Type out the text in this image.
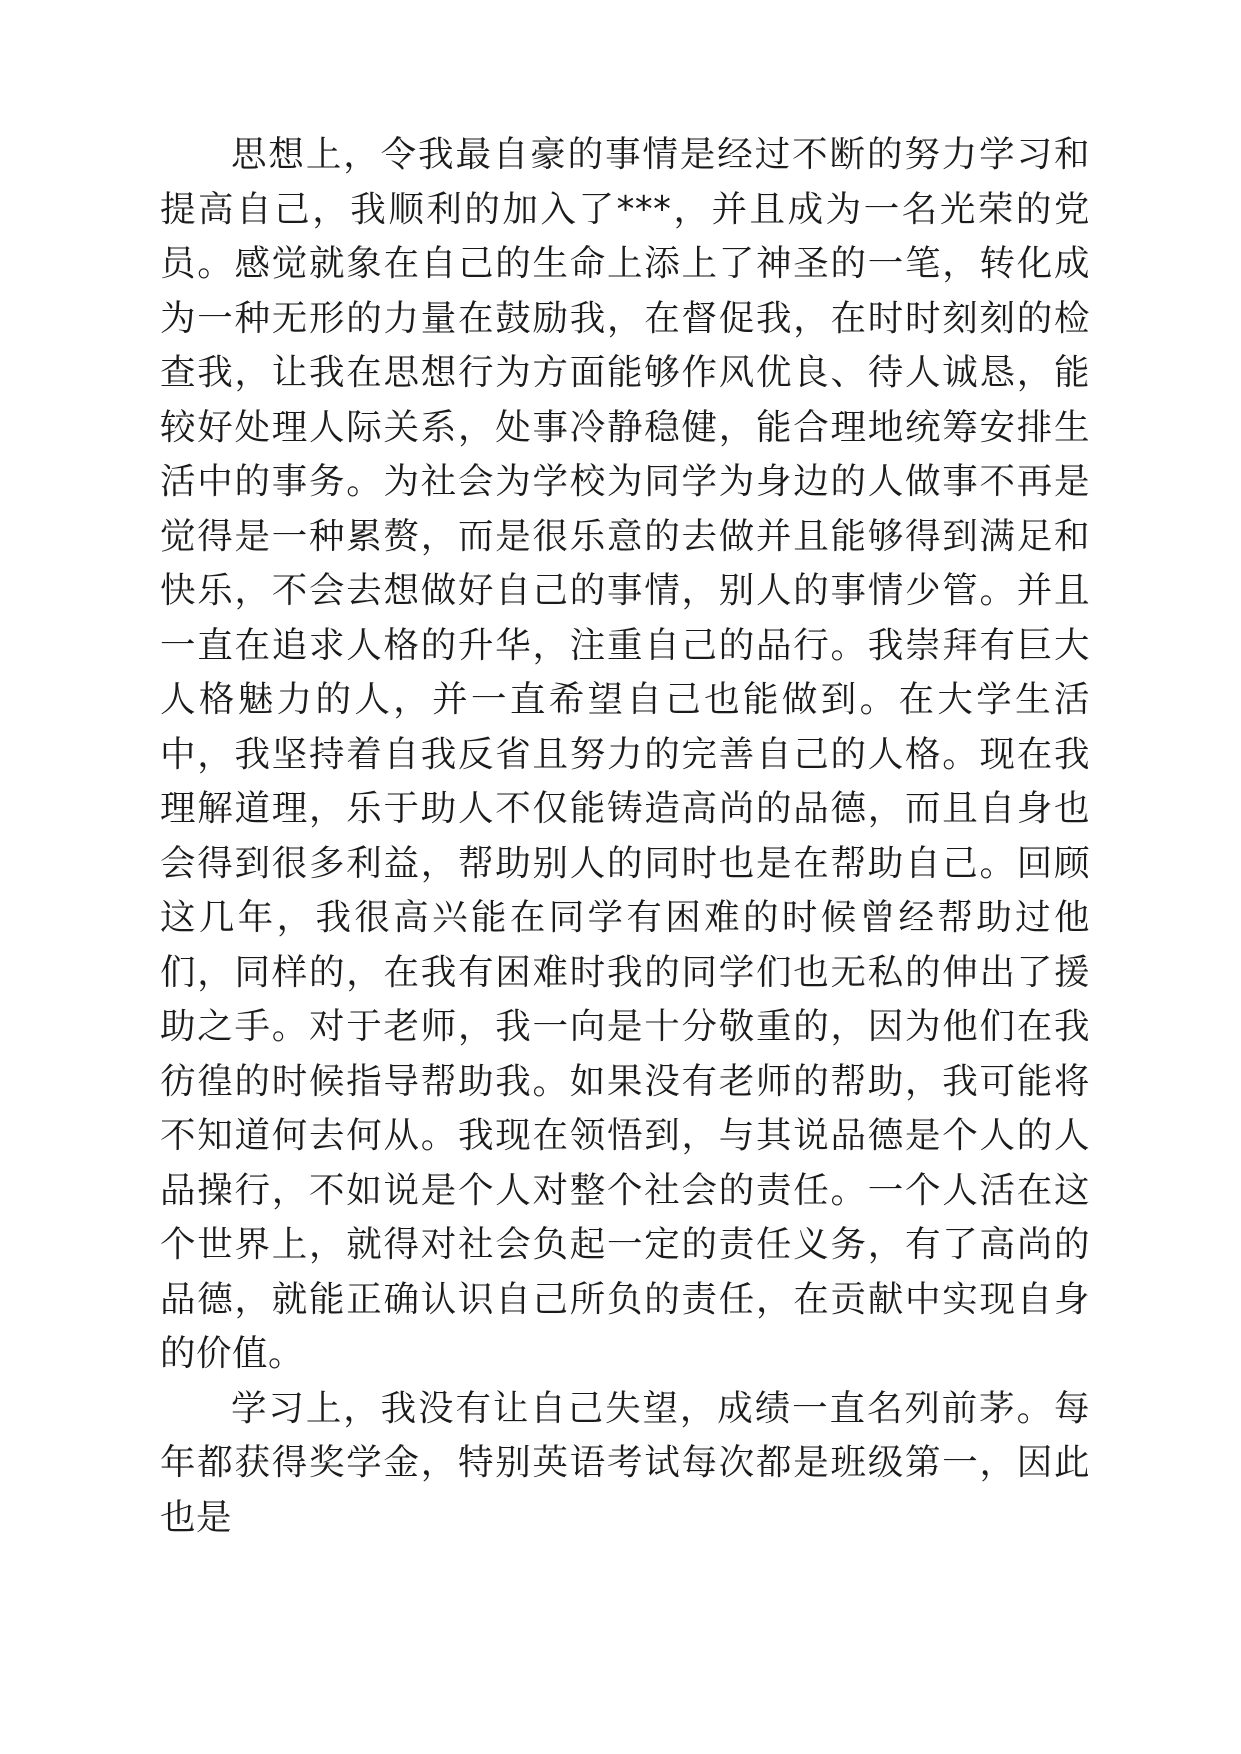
思想上，令我最自豪的事情是经过不断的努力学习和提高自己，我顺利的加入了***，并且成为一名光荣的党员。感觉就象在自己的生命上添上了神圣的一笔，转化成为一种无形的力量在鼓励我，在督促我，在时时刻刻的检查我，让我在思想行为方面能够作风优良、待人诚恳，能较好处理人际关系，处事冷静稳健，能合理地统筹安排生活中的事务。为社会为学校为同学为身边的人做事不再是觉得是一种累赘，而是很乐意的去做并且能够得到满足和快乐，不会去想做好自己的事情，别人的事情少管。并且一直在追求人格的升华，注重自己的品行。我崇拜有巨大人格魅力的人，并一直希望自己也能做到。在大学生活中，我坚持着自我反省且努力的完善自己的人格。现在我理解道理，乐于助人不仅能铸造高尚的品德，而且自身也会得到很多利益，帮助别人的同时也是在帮助自己。回顾这几年，我很高兴能在同学有困难的时候曾经帮助过他们，同样的，在我有困难时我的同学们也无私的伸出了援助之手。对于老师，我一向是十分敬重的，因为他们在我彷徨的时候指导帮助我。如果没有老师的帮助，我可能将不知道何去何从。我现在领悟到，与其说品德是个人的人品操行，不如说是个人对整个社会的责任。一个人活在这个世界上，就得对社会负起一定的责任义务，有了高尚的品德，就能正确认识自己所负的责任，在贡献中实现自身的价值。

学习上，我没有让自己失望，成绩一直名列前茅。每年都获得奖学金，特别英语考试每次都是班级第一，因此也是
